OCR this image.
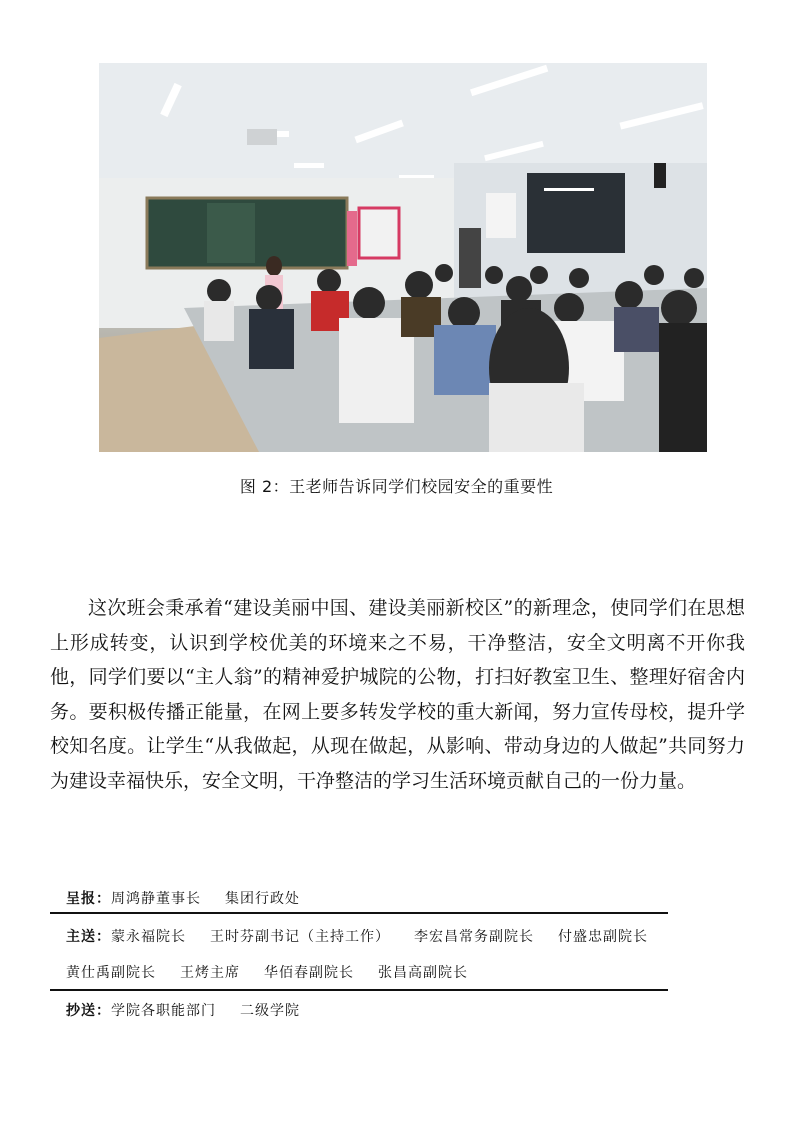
图 2：王老师告诉同学们校园安全的重要性

这次班会秉承着“建设美丽中国、建设美丽新校区”的新理念，使同学们在思想上形成转变，认识到学校优美的环境来之不易，干净整洁，安全文明离不开你我他，同学们要以“主人翁”的精神爱护城院的公物，打扫好教室卫生、整理好宿舍内务。要积极传播正能量，在网上要多转发学校的重大新闻，努力宣传母校，提升学校知名度。让学生“从我做起，从现在做起，从影响、带动身边的人做起”共同努力为建设幸福快乐，安全文明，干净整洁的学习生活环境贡献自己的一份力量。

呈报：周鸿静董事长 集团行政处
主送：蒙永福院长 王时芬副书记（主持工作） 李宏昌常务副院长 付盛忠副院长
黄仕禹副院长 王烤主席 华佰春副院长 张昌高副院长
抄送：学院各职能部门 二级学院
